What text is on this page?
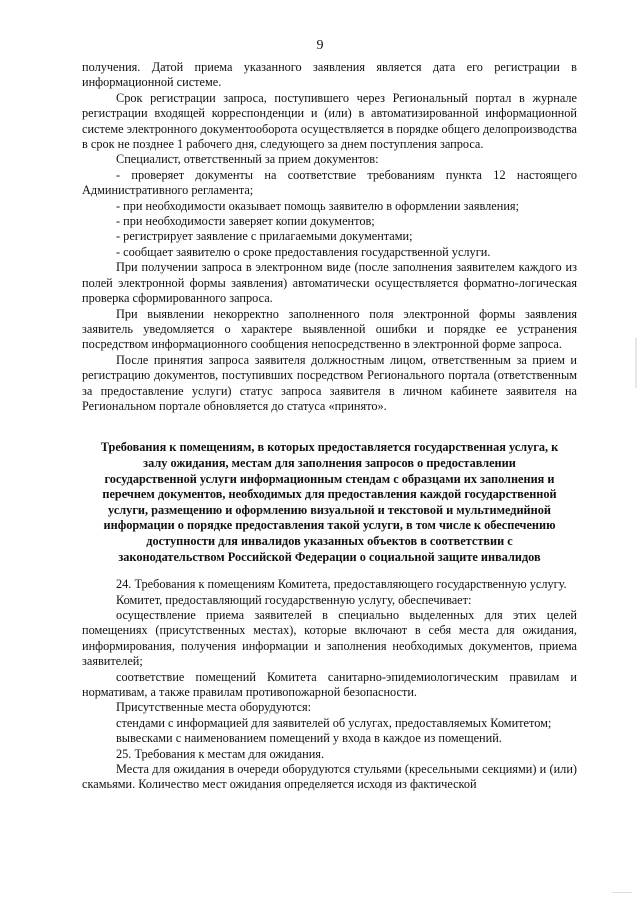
9

получения. Датой приема указанного заявления является дата его регистрации в информационной системе.

Срок регистрации запроса, поступившего через Региональный портал в журнале регистрации входящей корреспонденции и (или) в автоматизированной информационной системе электронного документооборота осуществляется в порядке общего делопроизводства в срок не позднее 1 рабочего дня, следующего за днем поступления запроса.

Специалист, ответственный за прием документов:

- проверяет документы на соответствие требованиям пункта 12 настоящего Административного регламента;

- при необходимости оказывает помощь заявителю в оформлении заявления;

- при необходимости заверяет копии документов;

- регистрирует заявление с прилагаемыми документами;

- сообщает заявителю о сроке предоставления государственной услуги.

При получении запроса в электронном виде (после заполнения заявителем каждого из полей электронной формы заявления) автоматически осуществляется форматно-логическая проверка сформированного запроса.

При выявлении некорректно заполненного поля электронной формы заявления заявитель уведомляется о характере выявленной ошибки и порядке ее устранения посредством информационного сообщения непосредственно в электронной форме запроса.

После принятия запроса заявителя должностным лицом, ответственным за прием и регистрацию документов, поступивших посредством Регионального портала (ответственным за предоставление услуги) статус запроса заявителя в личном кабинете заявителя на Региональном портале обновляется до статуса «принято».

Требования к помещениям, в которых предоставляется государственная услуга, к залу ожидания, местам для заполнения запросов о предоставлении государственной услуги информационным стендам с образцами их заполнения и перечнем документов, необходимых для предоставления каждой государственной услуги, размещению и оформлению визуальной и текстовой и мультимедийной информации о порядке предоставления такой услуги, в том числе к обеспечению доступности для инвалидов указанных объектов в соответствии с законодательством Российской Федерации о социальной защите инвалидов

24. Требования к помещениям Комитета, предоставляющего государственную услугу.

Комитет, предоставляющий государственную услугу, обеспечивает:

осуществление приема заявителей в специально выделенных для этих целей помещениях (присутственных местах), которые включают в себя места для ожидания, информирования, получения информации и заполнения необходимых документов, приема заявителей;

соответствие помещений Комитета санитарно-эпидемиологическим правилам и нормативам, а также правилам противопожарной безопасности.

Присутственные места оборудуются:

стендами с информацией для заявителей об услугах, предоставляемых Комитетом;

вывесками с наименованием помещений у входа в каждое из помещений.

25. Требования к местам для ожидания.

Места для ожидания в очереди оборудуются стульями (кресельными секциями) и (или) скамьями. Количество мест ожидания определяется исходя из фактической
